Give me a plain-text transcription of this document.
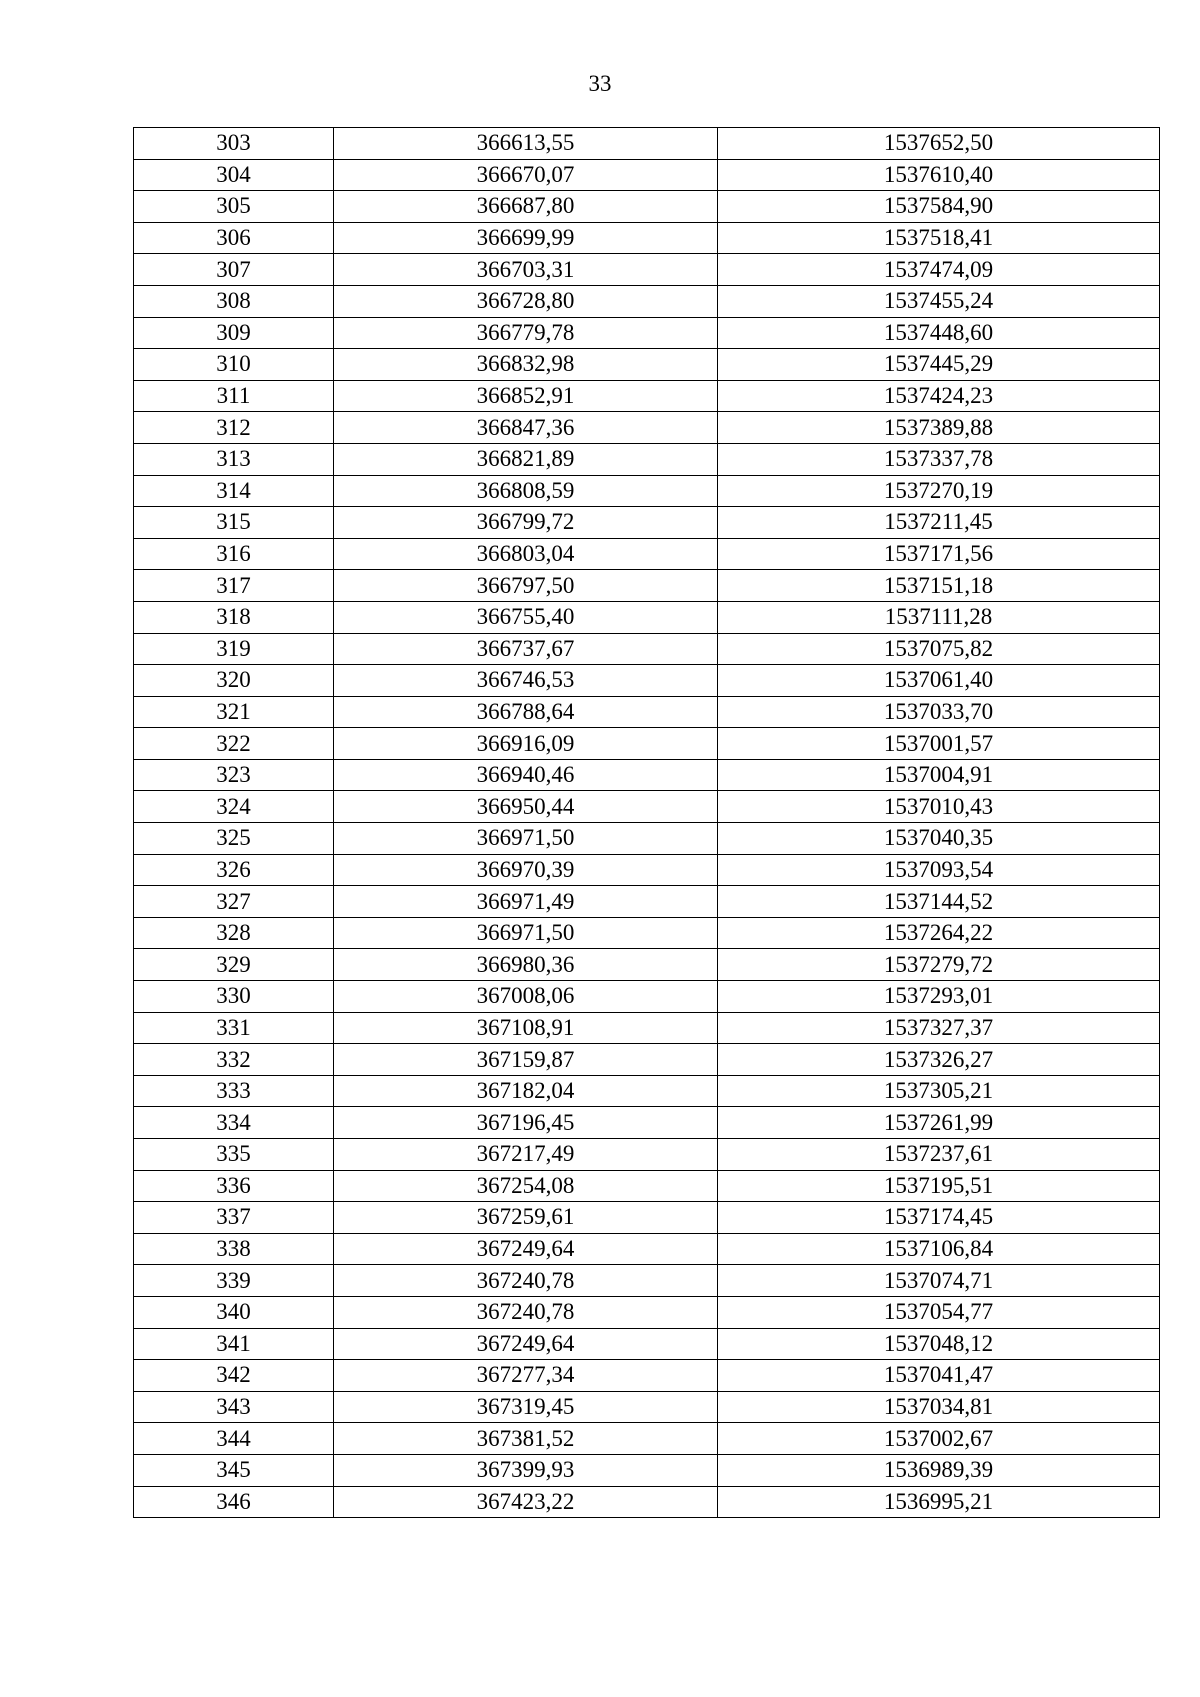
33
303	366613,55	1537652,50
304	366670,07	1537610,40
305	366687,80	1537584,90
306	366699,99	1537518,41
307	366703,31	1537474,09
308	366728,80	1537455,24
309	366779,78	1537448,60
310	366832,98	1537445,29
311	366852,91	1537424,23
312	366847,36	1537389,88
313	366821,89	1537337,78
314	366808,59	1537270,19
315	366799,72	1537211,45
316	366803,04	1537171,56
317	366797,50	1537151,18
318	366755,40	1537111,28
319	366737,67	1537075,82
320	366746,53	1537061,40
321	366788,64	1537033,70
322	366916,09	1537001,57
323	366940,46	1537004,91
324	366950,44	1537010,43
325	366971,50	1537040,35
326	366970,39	1537093,54
327	366971,49	1537144,52
328	366971,50	1537264,22
329	366980,36	1537279,72
330	367008,06	1537293,01
331	367108,91	1537327,37
332	367159,87	1537326,27
333	367182,04	1537305,21
334	367196,45	1537261,99
335	367217,49	1537237,61
336	367254,08	1537195,51
337	367259,61	1537174,45
338	367249,64	1537106,84
339	367240,78	1537074,71
340	367240,78	1537054,77
341	367249,64	1537048,12
342	367277,34	1537041,47
343	367319,45	1537034,81
344	367381,52	1537002,67
345	367399,93	1536989,39
346	367423,22	1536995,21
